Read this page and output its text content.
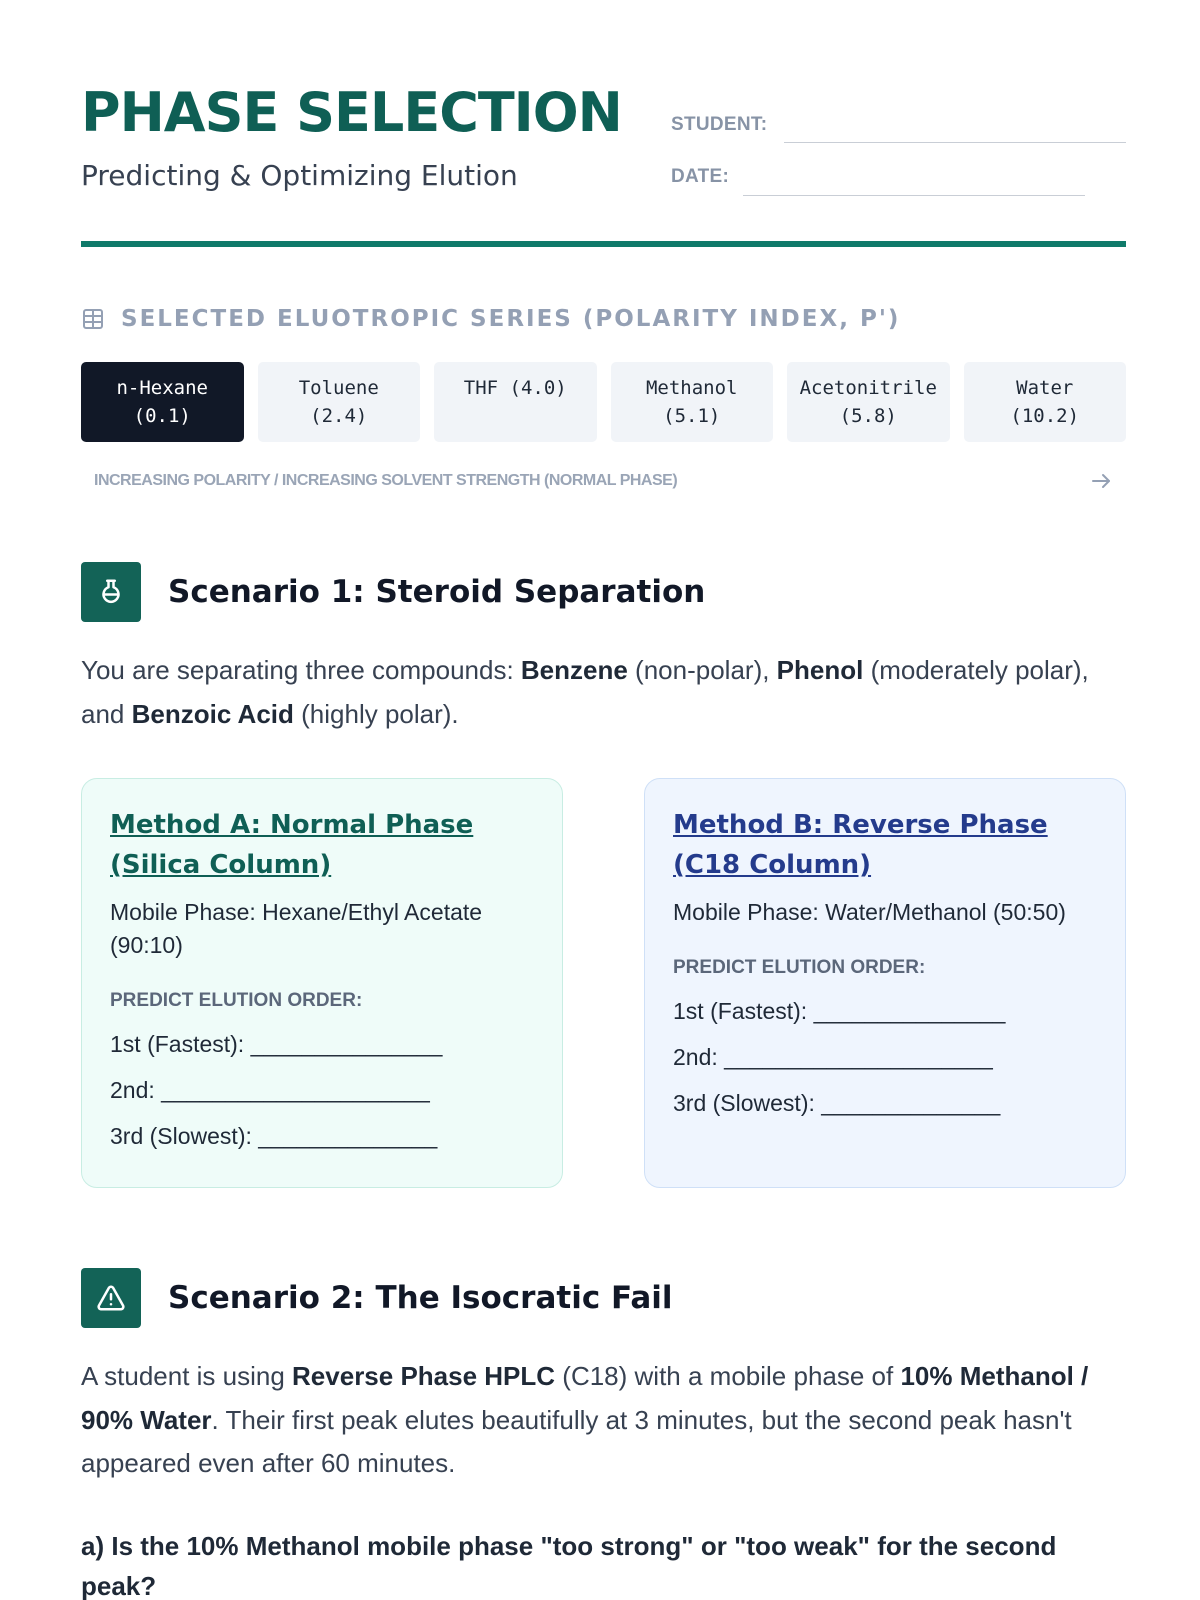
PHASE SELECTION
Predicting & Optimizing Elution
STUDENT:
DATE:
SELECTED ELUOTROPIC SERIES (POLARITY INDEX, P')
n-Hexane
(0.1)
Toluene
(2.4)
THF (4.0)	Methanol
(5.1)
Acetonitrile
(5.8)
Water
(10.2)
INCREASING POLARITY / INCREASING SOLVENT STRENGTH (NORMAL PHASE)
Scenario 1: Steroid Separation

You are separating three compounds: Benzene (non-polar), Phenol (moderately polar), and Benzoic Acid (highly polar).

Method A: Normal Phase (Silica Column)
Mobile Phase: Hexane/Ethyl Acetate (90:10)
PREDICT ELUTION ORDER:
1st (Fastest): _______________
2nd: _____________________
3rd (Slowest): ______________
Method B: Reverse Phase (C18 Column)
Mobile Phase: Water/Methanol (50:50)
PREDICT ELUTION ORDER:
1st (Fastest): _______________
2nd: _____________________
3rd (Slowest): ______________
Scenario 2: The Isocratic Fail

A student is using Reverse Phase HPLC (C18) with a mobile phase of 10% Methanol / 90% Water. Their first peak elutes beautifully at 3 minutes, but the second peak hasn't appeared even after 60 minutes.

a) Is the 10% Methanol mobile phase "too strong" or "too weak" for the second peak?
